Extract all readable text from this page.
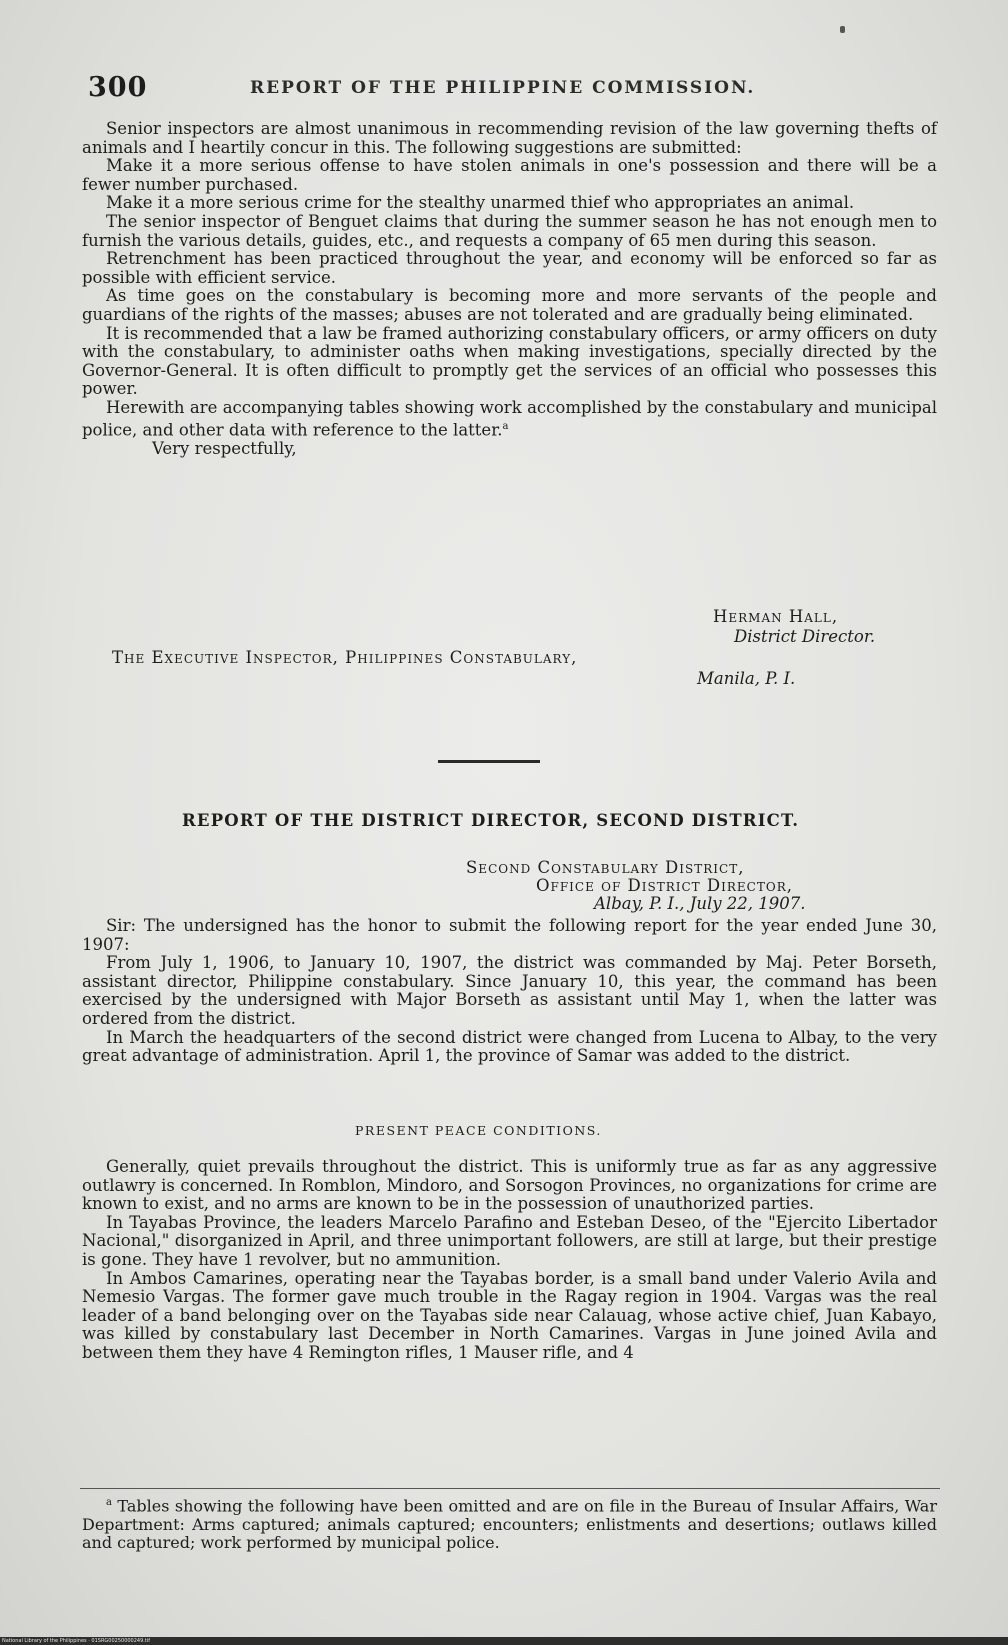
300	REPORT OF THE PHILIPPINE COMMISSION.

Senior inspectors are almost unanimous in recommending revision of the law governing thefts of animals and I heartily concur in this. The following suggestions are submitted:

Make it a more serious offense to have stolen animals in one's possession and there will be a fewer number purchased.

Make it a more serious crime for the stealthy unarmed thief who appropriates an animal.

The senior inspector of Benguet claims that during the summer season he has not enough men to furnish the various details, guides, etc., and requests a company of 65 men during this season.

Retrenchment has been practiced throughout the year, and economy will be enforced so far as possible with efficient service.

As time goes on the constabulary is becoming more and more servants of the people and guardians of the rights of the masses; abuses are not tolerated and are gradually being eliminated.

It is recommended that a law be framed authorizing constabulary officers, or army officers on duty with the constabulary, to administer oaths when making investigations, specially directed by the Governor-General. It is often difficult to promptly get the services of an official who possesses this power.

Herewith are accompanying tables showing work accomplished by the constabulary and municipal police, and other data with reference to the latter.$^a$

Very respectfully,

Herman Hall,
District Director.
The Executive Inspector, Philippines Constabulary,
Manila, P. I.
REPORT OF THE DISTRICT DIRECTOR, SECOND DISTRICT.
Second Constabulary District,
Office of District Director,
Albay, P. I., July 22, 1907.

Sir: The undersigned has the honor to submit the following report for the year ended June 30, 1907:

From July 1, 1906, to January 10, 1907, the district was commanded by Maj. Peter Borseth, assistant director, Philippine constabulary. Since January 10, this year, the command has been exercised by the undersigned with Major Borseth as assistant until May 1, when the latter was ordered from the district.

In March the headquarters of the second district were changed from Lucena to Albay, to the very great advantage of administration. April 1, the province of Samar was added to the district.

PRESENT PEACE CONDITIONS.

Generally, quiet prevails throughout the district. This is uniformly true as far as any aggressive outlawry is concerned. In Romblon, Mindoro, and Sorsogon Provinces, no organizations for crime are known to exist, and no arms are known to be in the possession of unauthorized parties.

In Tayabas Province, the leaders Marcelo Parafino and Esteban Deseo, of the "Ejercito Libertador Nacional," disorganized in April, and three unimportant followers, are still at large, but their prestige is gone. They have 1 revolver, but no ammunition.

In Ambos Camarines, operating near the Tayabas border, is a small band under Valerio Avila and Nemesio Vargas. The former gave much trouble in the Ragay region in 1904. Vargas was the real leader of a band belonging over on the Tayabas side near Calauag, whose active chief, Juan Kabayo, was killed by constabulary last December in North Camarines. Vargas in June joined Avila and between them they have 4 Remington rifles, 1 Mauser rifle, and 4

$^a$ Tables showing the following have been omitted and are on file in the Bureau of Insular Affairs, War Department: Arms captured; animals captured; encounters; enlistments and desertions; outlaws killed and captured; work performed by municipal police.

National Library of the Philippines · 01SRG00250000249.tif
